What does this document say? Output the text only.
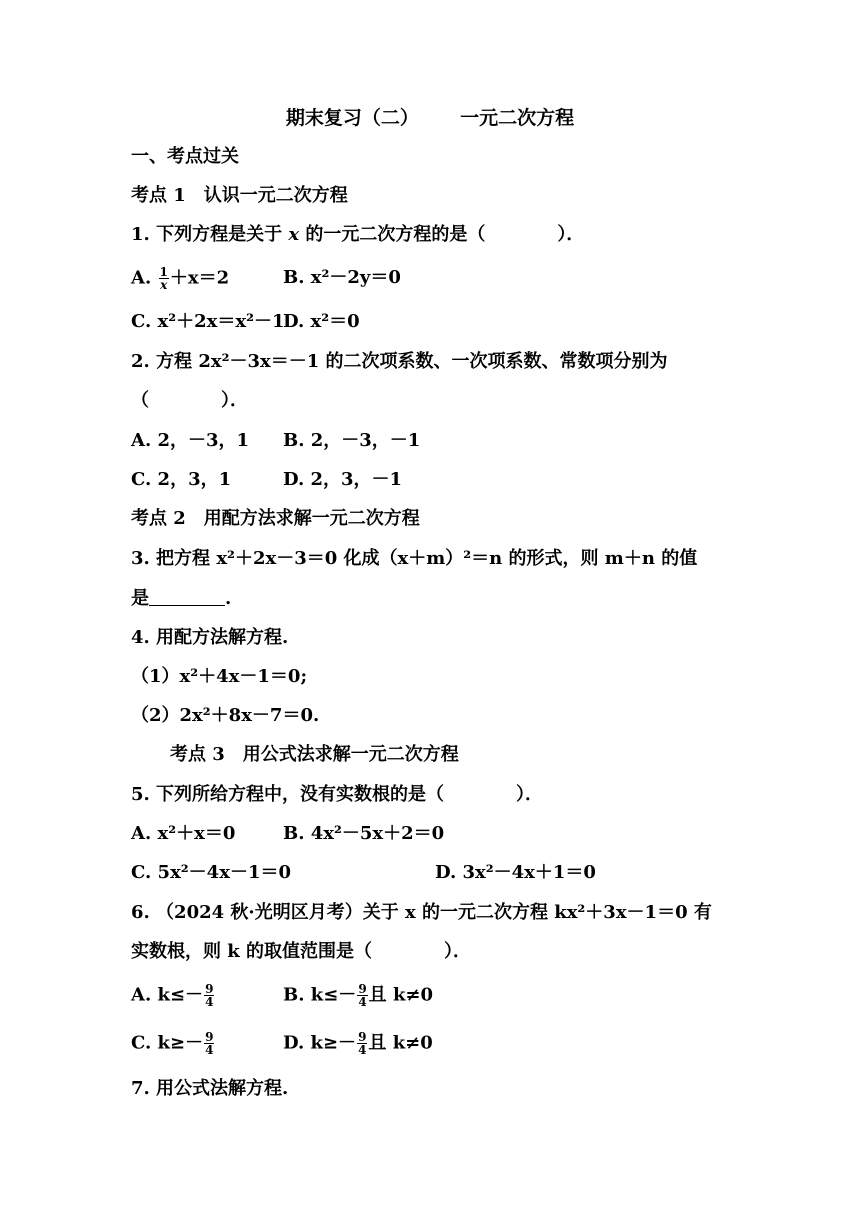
期末复习（二） 一元二次方程
一、考点过关
考点 1　认识一元二次方程
1. 下列方程是关于 x 的一元二次方程的是（　　　　）．
A. $\frac{1}{x} +x=2$	B. x²－2y＝0
C. x²＋2x＝x²－1
D. x²＝0
2. 方程 2x²－3x＝－1 的二次项系数、一次项系数、常数项分别为
（　　　　）．
A. 2，－3，1 B. 2，－3，－1
C. 2，3，1	D. 2，3，－1
考点 2　用配方法求解一元二次方程
3. 把方程 x²＋2x－3＝0 化成（x＋m）²＝n 的形式，则 m＋n 的值
是	.
4. 用配方法解方程.
（1）x²＋4x－1＝0;
（2）2x²＋8x－7＝0.
考点 3　用公式法求解一元二次方程
5. 下列所给方程中，没有实数根的是（　　　　）．
A. x²＋x＝0	B. 4x²－5x＋2＝0
C. 5x²－4x－1＝0	D. 3x²－4x＋1＝0
6. （2024 秋·光明区月考）关于 x 的一元二次方程 kx²＋3x－1＝0 有
实数根，则 k 的取值范围是（　　　　）．
A. $k\le- \frac{9}{4}$	B. $k\le- \frac{9}{4}$ 且 k≠0
C. $k\ge- \frac{9}{4}$	D. $k\ge- \frac{9}{4}$ 且 k≠0
7. 用公式法解方程.
